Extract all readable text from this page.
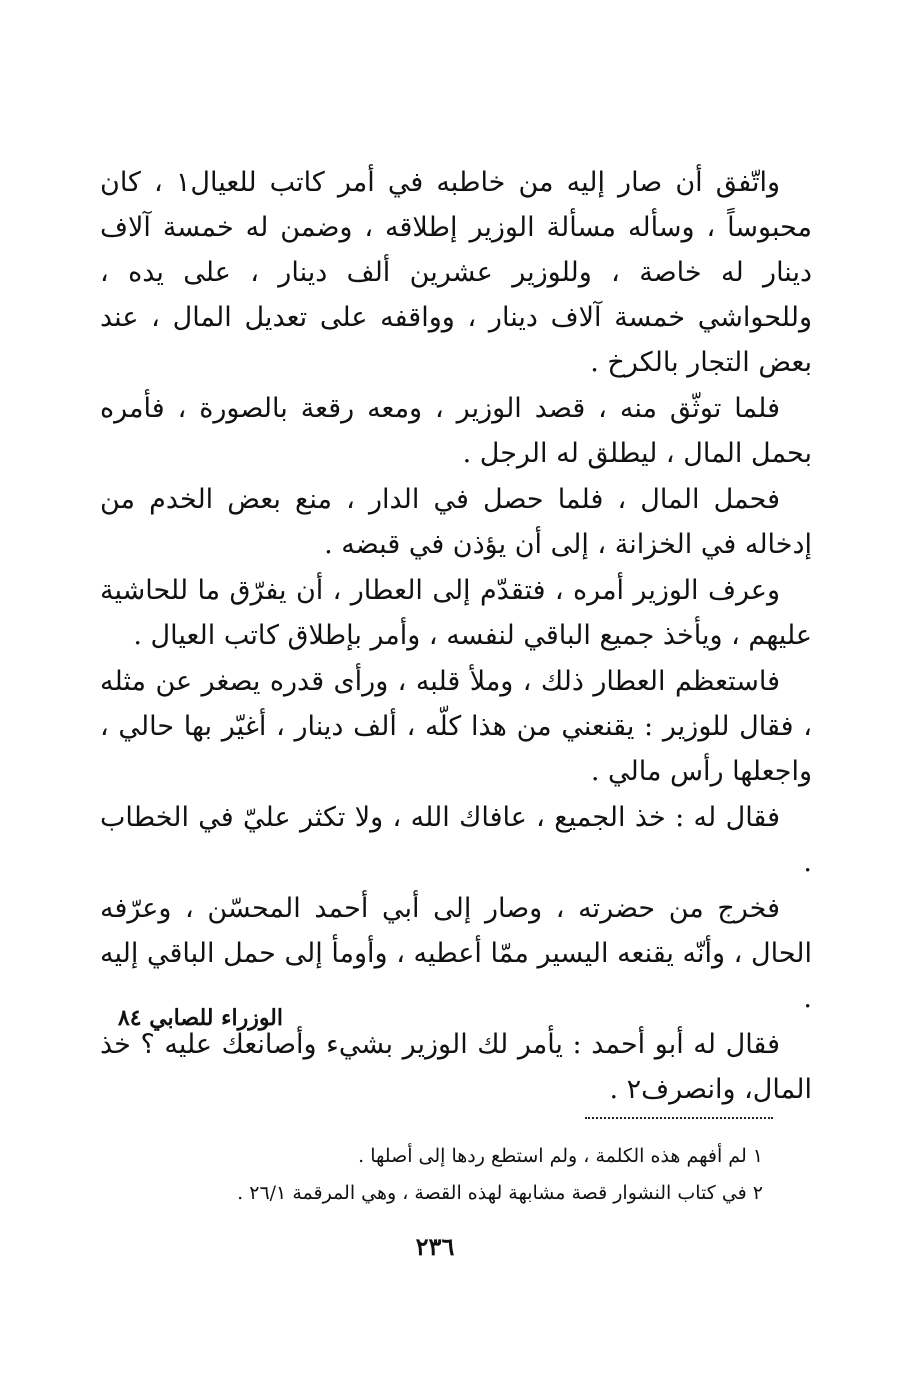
واتّفق أن صار إليه من خاطبه في أمر كاتب للعيال١ ، كان محبوساً ، وسأله مسألة الوزير إطلاقه ، وضمن له خمسة آلاف دينار له خاصة ، وللوزير عشرين ألف دينار ، على يده ، وللحواشي خمسة آلاف دينار ، وواقفه على تعديل المال ، عند بعض التجار بالكرخ .

فلما توثّق منه ، قصد الوزير ، ومعه رقعة بالصورة ، فأمره بحمل المال ، ليطلق له الرجل .

فحمل المال ، فلما حصل في الدار ، منع بعض الخدم من إدخاله في الخزانة ، إلى أن يؤذن في قبضه .

وعرف الوزير أمره ، فتقدّم إلى العطار ، أن يفرّق ما للحاشية عليهم ، ويأخذ جميع الباقي لنفسه ، وأمر بإطلاق كاتب العيال .

فاستعظم العطار ذلك ، وملأ قلبه ، ورأى قدره يصغر عن مثله ، فقال للوزير : يقنعني من هذا كلّه ، ألف دينار ، أغيّر بها حالي ، واجعلها رأس مالي .

فقال له : خذ الجميع ، عافاك الله ، ولا تكثر عليّ في الخطاب .

فخرج من حضرته ، وصار إلى أبي أحمد المحسّن ، وعرّفه الحال ، وأنّه يقنعه اليسير ممّا أعطيه ، وأومأ إلى حمل الباقي إليه .

فقال له أبو أحمد : يأمر لك الوزير بشيء وأصانعك عليه ؟ خذ المال، وانصرف٢ .

الوزراء للصابي ٨٤
١ لم أفهم هذه الكلمة ، ولم استطع ردها إلى أصلها .
٢ في كتاب النشوار قصة مشابهة لهذه القصة ، وهي المرقمة ٢٦/١ .
٢٣٦
